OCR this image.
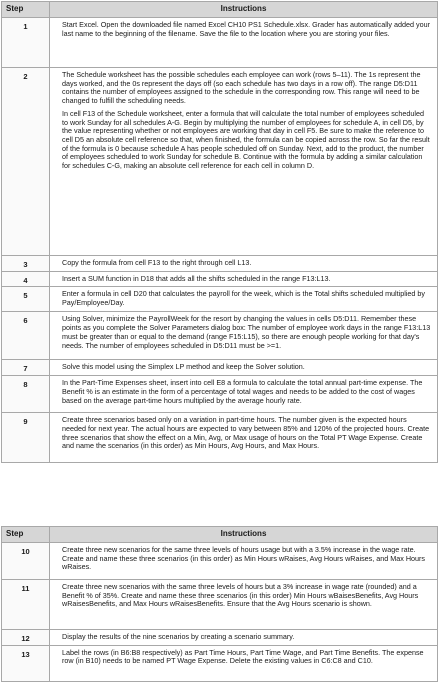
Step	Instructions
1	Start Excel. Open the downloaded file named Excel CH10 PS1 Schedule.xlsx. Grader has automatically added your last name to the beginning of the filename. Save the file to the location where you are storing your files.

2	The Schedule worksheet has the possible schedules each employee can work (rows 5–11). The 1s represent the days worked, and the 0s represent the days off (so each schedule has two days in a row off). The range D5:D11 contains the number of employees assigned to the schedule in the corresponding row. This range will need to be changed to fulfill the scheduling needs.
In cell F13 of the Schedule worksheet, enter a formula that will calculate the total number of employees scheduled to work Sunday for all schedules A-G. Begin by multiplying the number of employees for schedule A, in cell D5, by the value representing whether or not employees are working that day in cell F5. Be sure to make the reference to cell D5 an absolute cell reference so that, when finished, the formula can be copied across the row. So far the result of the formula is 0 because schedule A has people scheduled off on Sunday. Next, add to the product, the number of employees scheduled to work Sunday for schedule B. Continue with the formula by adding a similar calculation for schedules C-G, making an absolute cell reference for each cell in column D.

3	Copy the formula from cell F13 to the right through cell L13.

4	Insert a SUM function in D18 that adds all the shifts scheduled in the range F13:L13.

5	Enter a formula in cell D20 that calculates the payroll for the week, which is the Total shifts scheduled multiplied by Pay/Employee/Day.

6	Using Solver, minimize the PayrollWeek for the resort by changing the values in cells D5:D11. Remember these points as you complete the Solver Parameters dialog box: The number of employee work days in the range F13:L13 must be greater than or equal to the demand (range F15:L15), so there are enough people working for that day's needs. The number of employees scheduled in D5:D11 must be >=1.

7	Solve this model using the Simplex LP method and keep the Solver solution.

8	In the Part-Time Expenses sheet, insert into cell E8 a formula to calculate the total annual part-time expense. The Benefit % is an estimate in the form of a percentage of total wages and needs to be added to the cost of wages based on the average part-time hours multiplied by the average hourly rate.

9	Create three scenarios based only on a variation in part-time hours. The number given is the expected hours needed for next year. The actual hours are expected to vary between 85% and 120% of the projected hours. Create three scenarios that show the effect on a Min, Avg, or Max usage of hours on the Total PT Wage Expense. Create and name the scenarios (in this order) as Min Hours, Avg Hours, and Max Hours.
Step	Instructions
10	Create three new scenarios for the same three levels of hours usage but with a 3.5% increase in the wage rate. Create and name these three scenarios (in this order) as Min Hours wRaises, Avg Hours wRaises, and Max Hours wRaises.

11	Create three new scenarios with the same three levels of hours but a 3% increase in wage rate (rounded) and a Benefit % of 35%. Create and name these three scenarios (in this order) Min Hours wBaisesBenefits, Avg Hours wRaisesBenefits, and Max Hours wRaisesBenefits. Ensure that the Avg Hours scenario is shown.

12	Display the results of the nine scenarios by creating a scenario summary.

13	Label the rows (in B6:B8 respectively) as Part Time Hours, Part Time Wage, and Part Time Benefits. The expense row (in B10) needs to be named PT Wage Expense. Delete the existing values in C6:C8 and C10.
